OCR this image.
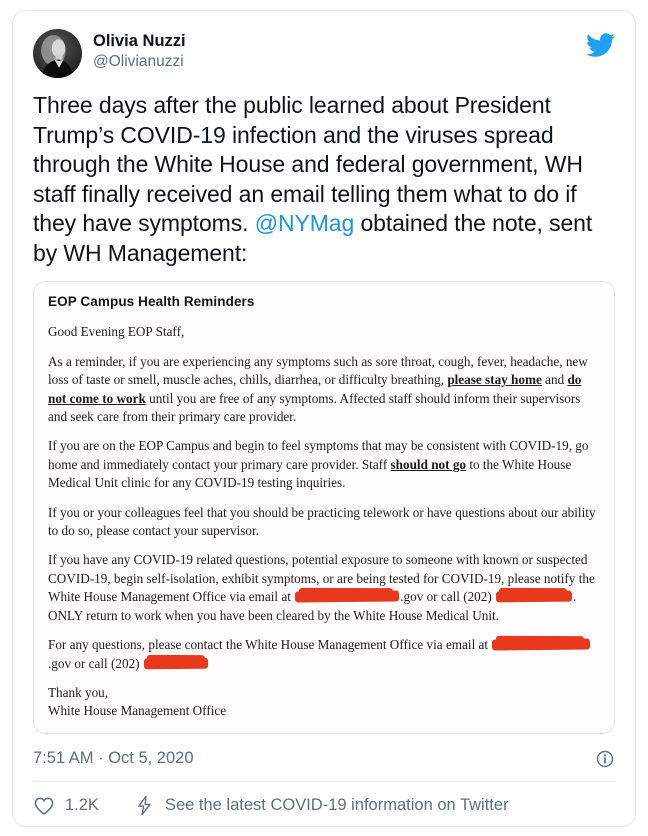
Olivia Nuzzi
@Olivianuzzi
Three days after the public learned about President Trump’s COVID-19 infection and the viruses spread through the White House and federal government, WH staff finally received an email telling them what to do if they have symptoms. @NYMag obtained the note, sent by WH Management:
EOP Campus Health Reminders

Good Evening EOP Staff,

As a reminder, if you are experiencing any symptoms such as sore throat, cough, fever, headache, new loss of taste or smell, muscle aches, chills, diarrhea, or difficulty breathing, please stay home and do not come to work until you are free of any symptoms. Affected staff should inform their supervisors and seek care from their primary care provider.

If you are on the EOP Campus and begin to feel symptoms that may be consistent with COVID-19, go home and immediately contact your primary care provider. Staff should not go to the White House Medical Unit clinic for any COVID-19 testing inquiries.

If you or your colleagues feel that you should be practicing telework or have questions about our ability to do so, please contact your supervisor.

If you have any COVID-19 related questions, potential exposure to someone with known or suspected COVID-19, begin self-isolation, exhibit symptoms, or are being tested for COVID-19, please notify the White House Management Office via email at	.gov or call (202)	. ONLY return to work when you have been cleared by the White House Medical Unit.

For any questions, please contact the White House Management Office via email at .gov or call (202)

Thank you,

White House Management Office

7:51 AM · Oct 5, 2020
1.2K	See the latest COVID-19 information on Twitter
